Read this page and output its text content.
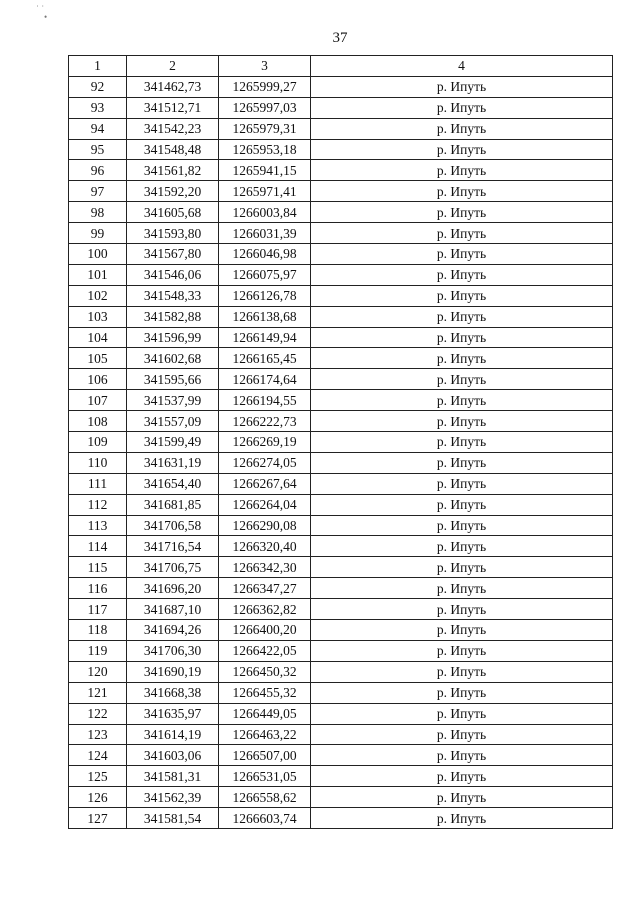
˙ ˙
•
37
1	2	3	4
92	341462,73	1265999,27	р. Ипуть
93	341512,71	1265997,03	р. Ипуть
94	341542,23	1265979,31	р. Ипуть
95	341548,48	1265953,18	р. Ипуть
96	341561,82	1265941,15	р. Ипуть
97	341592,20	1265971,41	р. Ипуть
98	341605,68	1266003,84	р. Ипуть
99	341593,80	1266031,39	р. Ипуть
100	341567,80	1266046,98	р. Ипуть
101	341546,06	1266075,97	р. Ипуть
102	341548,33	1266126,78	р. Ипуть
103	341582,88	1266138,68	р. Ипуть
104	341596,99	1266149,94	р. Ипуть
105	341602,68	1266165,45	р. Ипуть
106	341595,66	1266174,64	р. Ипуть
107	341537,99	1266194,55	р. Ипуть
108	341557,09	1266222,73	р. Ипуть
109	341599,49	1266269,19	р. Ипуть
110	341631,19	1266274,05	р. Ипуть
111	341654,40	1266267,64	р. Ипуть
112	341681,85	1266264,04	р. Ипуть
113	341706,58	1266290,08	р. Ипуть
114	341716,54	1266320,40	р. Ипуть
115	341706,75	1266342,30	р. Ипуть
116	341696,20	1266347,27	р. Ипуть
117	341687,10	1266362,82	р. Ипуть
118	341694,26	1266400,20	р. Ипуть
119	341706,30	1266422,05	р. Ипуть
120	341690,19	1266450,32	р. Ипуть
121	341668,38	1266455,32	р. Ипуть
122	341635,97	1266449,05	р. Ипуть
123	341614,19	1266463,22	р. Ипуть
124	341603,06	1266507,00	р. Ипуть
125	341581,31	1266531,05	р. Ипуть
126	341562,39	1266558,62	р. Ипуть
127	341581,54	1266603,74	р. Ипуть
